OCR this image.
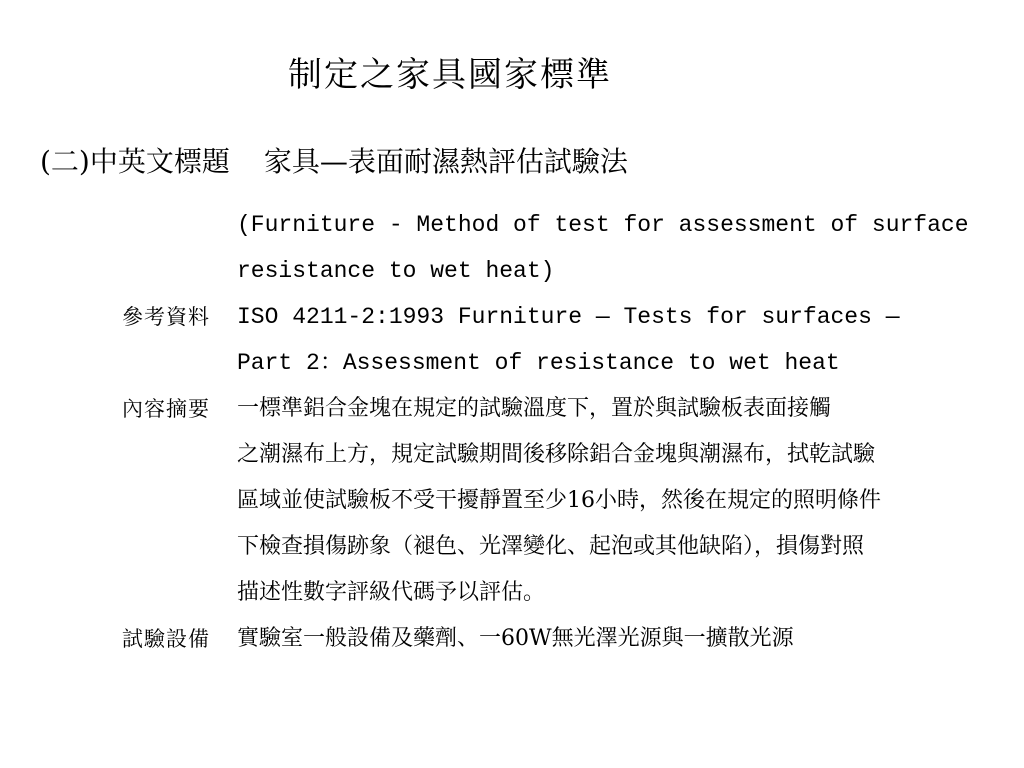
制定之家具國家標準
(二)中英文標題 家具—表面耐濕熱評估試驗法
(Furniture - Method of test for assessment of surface
resistance to wet heat)
參考資料 ISO 4211-2:1993 Furniture — Tests for surfaces —
Part 2：Assessment of resistance to wet heat
內容摘要 一標準鋁合金塊在規定的試驗溫度下，置於與試驗板表面接觸
之潮濕布上方，規定試驗期間後移除鋁合金塊與潮濕布，拭乾試驗
區域並使試驗板不受干擾靜置至少16小時，然後在規定的照明條件
下檢查損傷跡象（褪色、光澤變化、起泡或其他缺陷），損傷對照
描述性數字評級代碼予以評估。
試驗設備 實驗室一般設備及藥劑、一60W無光澤光源與一擴散光源
